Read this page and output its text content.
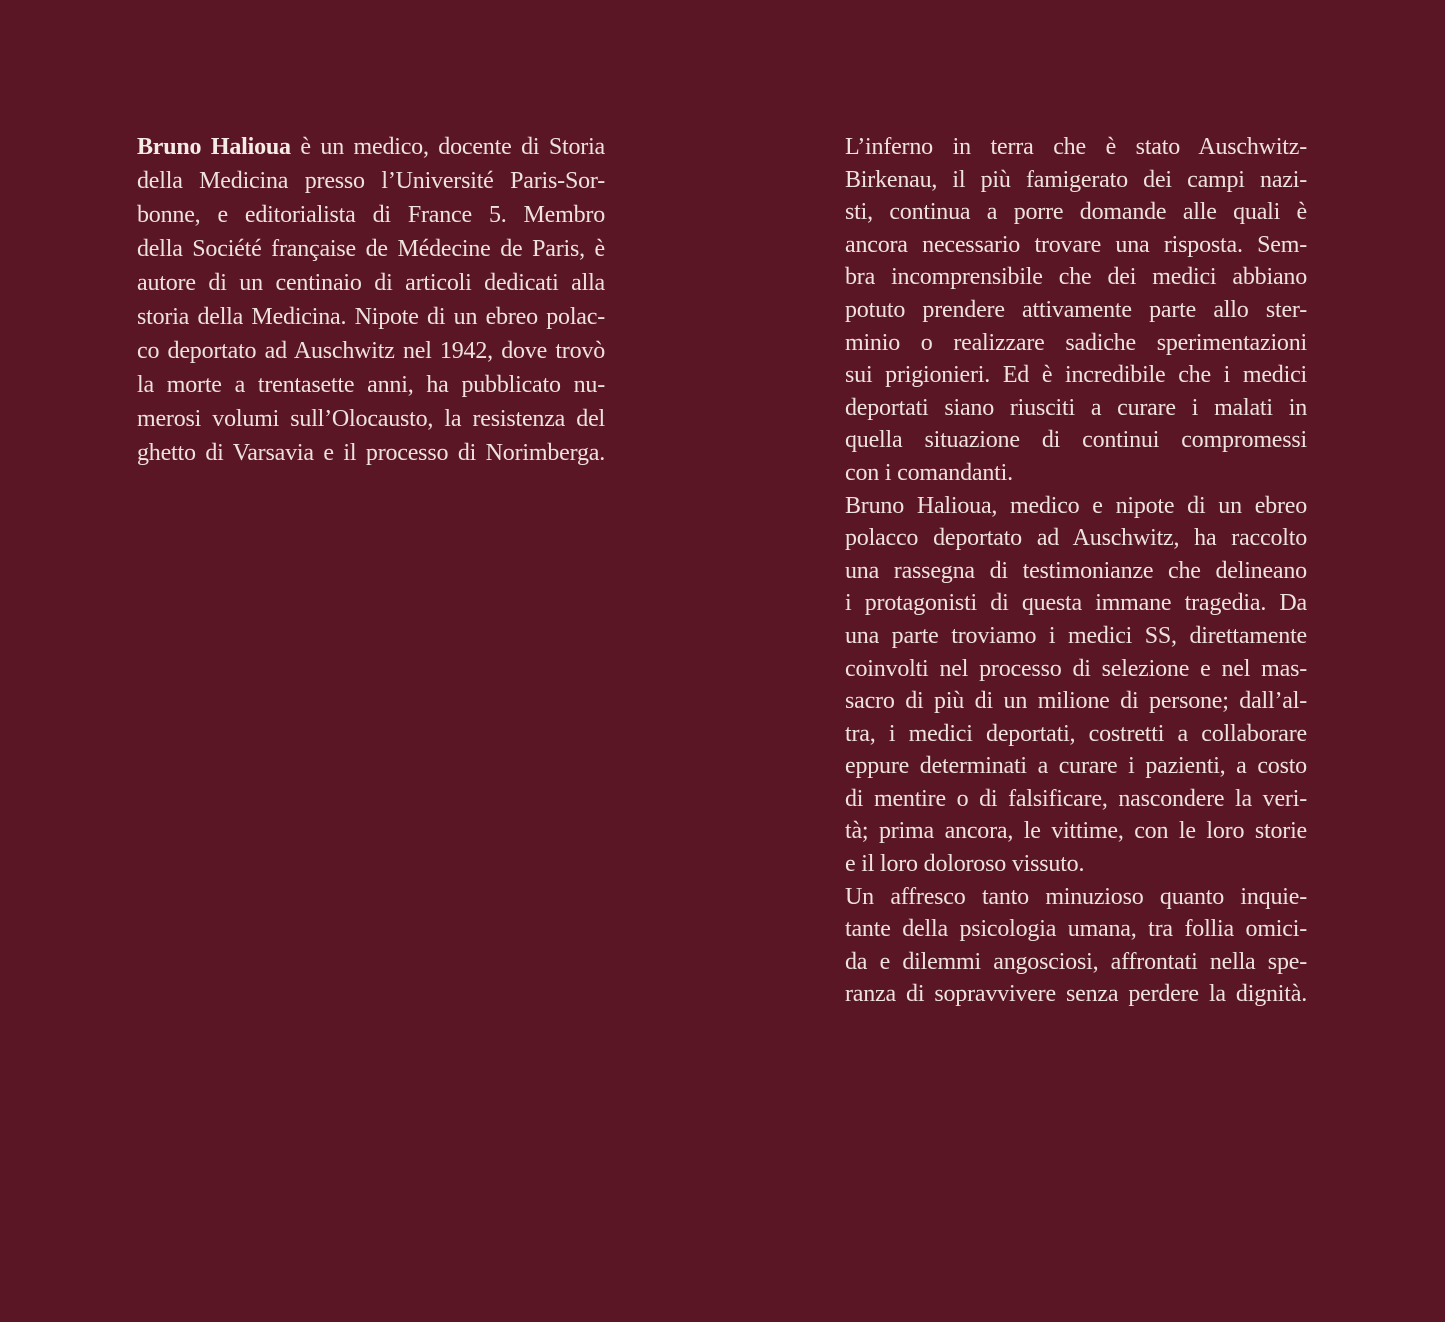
Bruno Halioua è un medico, docente di Storia
della Medicina presso l’Université Paris-Sor-
bonne, e editorialista di France 5. Membro
della Société française de Médecine de Paris, è
autore di un centinaio di articoli dedicati alla
storia della Medicina. Nipote di un ebreo polac-
co deportato ad Auschwitz nel 1942, dove trovò
la morte a trentasette anni, ha pubblicato nu-
merosi volumi sull’Olocausto, la resistenza del
ghetto di Varsavia e il processo di Norimberga.
L’inferno in terra che è stato Auschwitz-
Birkenau, il più famigerato dei campi nazi-
sti, continua a porre domande alle quali è
ancora necessario trovare una risposta. Sem-
bra incomprensibile che dei medici abbiano
potuto prendere attivamente parte allo ster-
minio o realizzare sadiche sperimentazioni
sui prigionieri. Ed è incredibile che i medici
deportati siano riusciti a curare i malati in
quella situazione di continui compromessi
con i comandanti.
Bruno Halioua, medico e nipote di un ebreo
polacco deportato ad Auschwitz, ha raccolto
una rassegna di testimonianze che delineano
i protagonisti di questa immane tragedia. Da
una parte troviamo i medici SS, direttamente
coinvolti nel processo di selezione e nel mas-
sacro di più di un milione di persone; dall’al-
tra, i medici deportati, costretti a collaborare
eppure determinati a curare i pazienti, a costo
di mentire o di falsificare, nascondere la veri-
tà; prima ancora, le vittime, con le loro storie
e il loro doloroso vissuto.
Un affresco tanto minuzioso quanto inquie-
tante della psicologia umana, tra follia omici-
da e dilemmi angosciosi, affrontati nella spe-
ranza di sopravvivere senza perdere la dignità.
